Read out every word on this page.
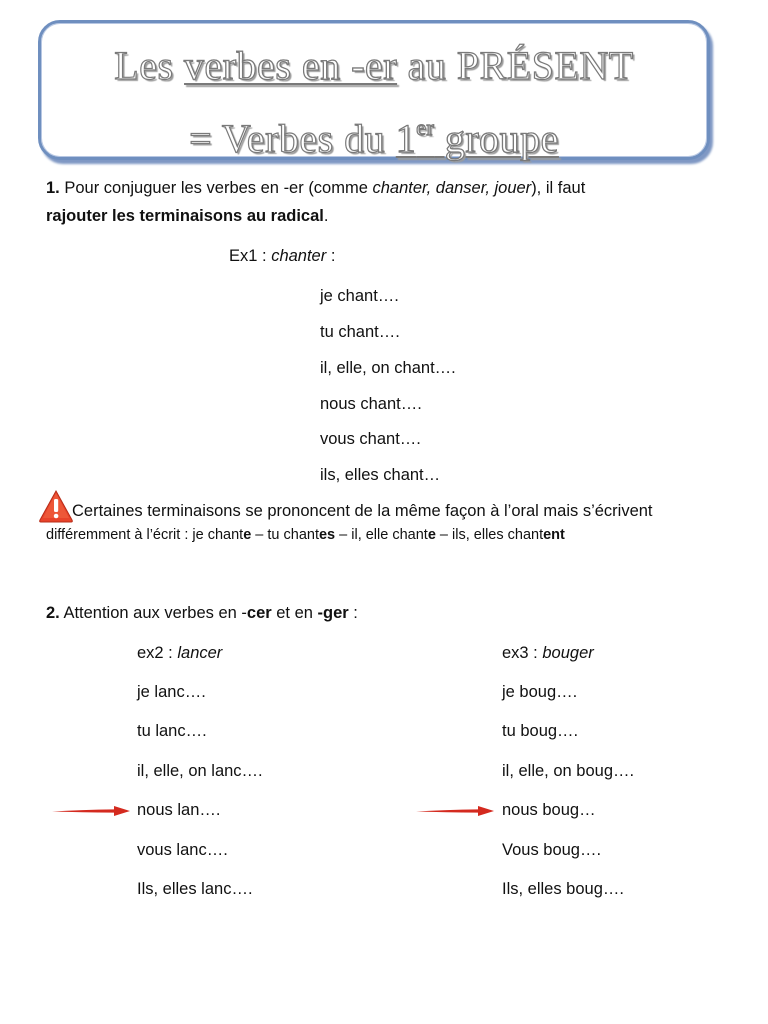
Les verbes en -er au PRÉSENT
= Verbes du 1er groupe
1. Pour conjuguer les verbes en -er (comme chanter, danser, jouer), il faut
rajouter les terminaisons au radical.
Ex1 : chanter :
je chant….
tu chant….
il, elle, on chant….
nous chant….
vous chant….
ils, elles chant…
Certaines terminaisons se prononcent de la même façon à l’oral mais s’écrivent
différemment à l’écrit : je chante – tu chantes – il, elle chante – ils, elles chantent
2. Attention aux verbes en -cer et en -ger :
ex2 : lancer
je lanc….
tu lanc….
il, elle, on lanc….
nous lan….
vous lanc….
Ils, elles lanc….
ex3 : bouger
je boug….
tu boug….
il, elle, on boug….
nous boug…
Vous boug….
Ils, elles boug….
